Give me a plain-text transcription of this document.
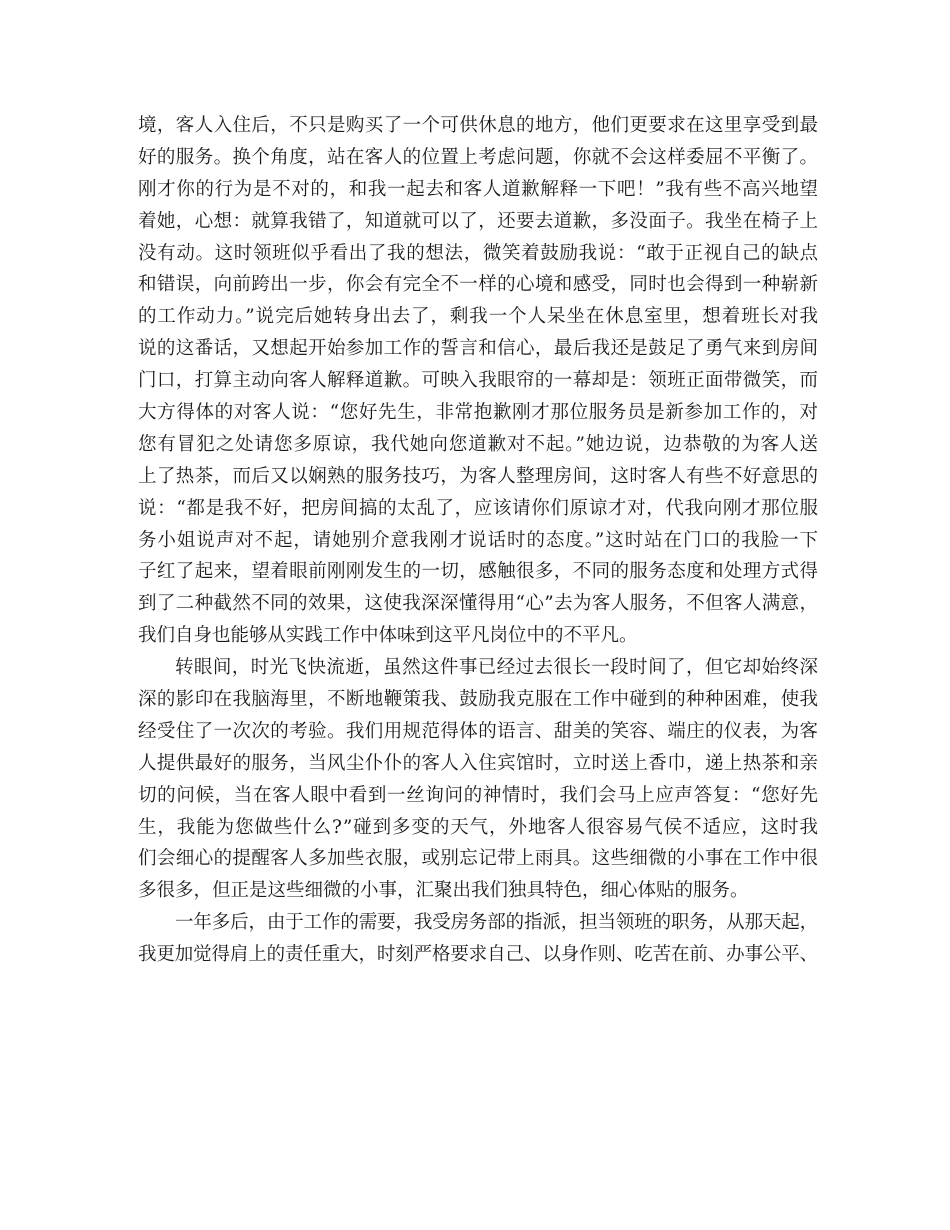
境，客人入住后，不只是购买了一个可供休息的地方，他们更要求在这里享受到最
好的服务。换个角度，站在客人的位置上考虑问题，你就不会这样委屈不平衡了。
刚才你的行为是不对的，和我一起去和客人道歉解释一下吧！”我有些不高兴地望
着她，心想：就算我错了，知道就可以了，还要去道歉，多没面子。我坐在椅子上
没有动。这时领班似乎看出了我的想法，微笑着鼓励我说：“敢于正视自己的缺点
和错误，向前跨出一步，你会有完全不一样的心境和感受，同时也会得到一种崭新
的工作动力。”说完后她转身出去了，剩我一个人呆坐在休息室里，想着班长对我
说的这番话，又想起开始参加工作的誓言和信心，最后我还是鼓足了勇气来到房间
门口，打算主动向客人解释道歉。可映入我眼帘的一幕却是：领班正面带微笑，而
大方得体的对客人说：“您好先生，非常抱歉刚才那位服务员是新参加工作的，对
您有冒犯之处请您多原谅，我代她向您道歉对不起。”她边说，边恭敬的为客人送
上了热茶，而后又以娴熟的服务技巧，为客人整理房间，这时客人有些不好意思的
说：“都是我不好，把房间搞的太乱了，应该请你们原谅才对，代我向刚才那位服
务小姐说声对不起，请她别介意我刚才说话时的态度。”这时站在门口的我脸一下
子红了起来，望着眼前刚刚发生的一切，感触很多，不同的服务态度和处理方式得
到了二种截然不同的效果，这使我深深懂得用“心”去为客人服务，不但客人满意，
我们自身也能够从实践工作中体味到这平凡岗位中的不平凡。
转眼间，时光飞快流逝，虽然这件事已经过去很长一段时间了，但它却始终深
深的影印在我脑海里，不断地鞭策我、鼓励我克服在工作中碰到的种种困难，使我
经受住了一次次的考验。我们用规范得体的语言、甜美的笑容、端庄的仪表，为客
人提供最好的服务，当风尘仆仆的客人入住宾馆时，立时送上香巾，递上热茶和亲
切的问候，当在客人眼中看到一丝询问的神情时，我们会马上应声答复：“您好先
生，我能为您做些什么?”碰到多变的天气，外地客人很容易气侯不适应，这时我
们会细心的提醒客人多加些衣服，或别忘记带上雨具。这些细微的小事在工作中很
多很多，但正是这些细微的小事，汇聚出我们独具特色，细心体贴的服务。
一年多后，由于工作的需要，我受房务部的指派，担当领班的职务，从那天起，
我更加觉得肩上的责任重大，时刻严格要求自己、以身作则、吃苦在前、办事公平、
